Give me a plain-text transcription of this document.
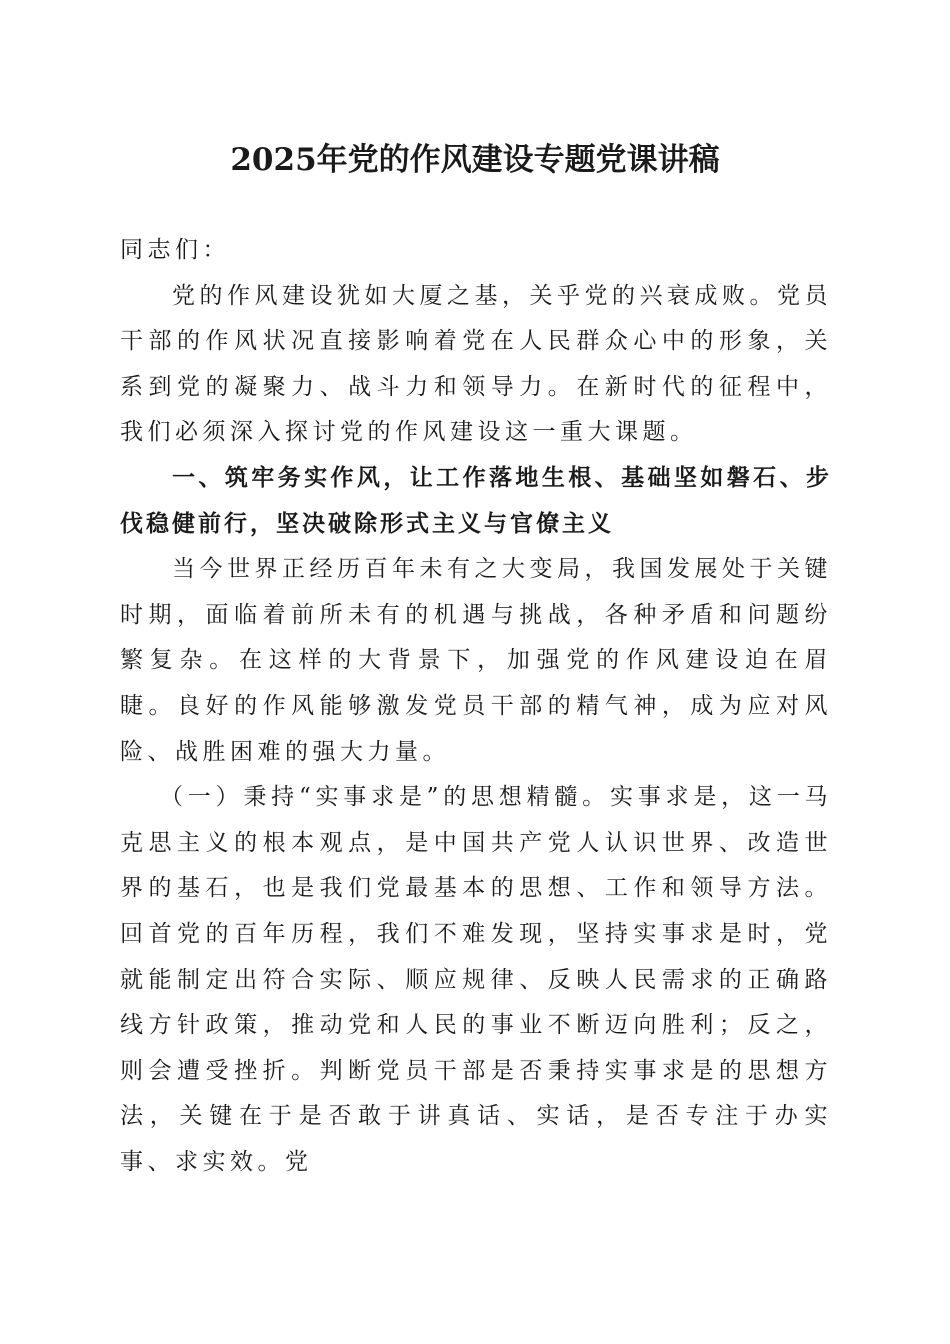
2025年党的作风建设专题党课讲稿

同志们：

党的作风建设犹如大厦之基，关乎党的兴衰成败。党员干部的作风状况直接影响着党在人民群众心中的形象，关系到党的凝聚力、战斗力和领导力。在新时代的征程中，我们必须深入探讨党的作风建设这一重大课题。

一、筑牢务实作风，让工作落地生根、基础坚如磐石、步伐稳健前行，坚决破除形式主义与官僚主义

当今世界正经历百年未有之大变局，我国发展处于关键时期，面临着前所未有的机遇与挑战，各种矛盾和问题纷繁复杂。在这样的大背景下，加强党的作风建设迫在眉睫。良好的作风能够激发党员干部的精气神，成为应对风险、战胜困难的强大力量。

（一）秉持“实事求是”的思想精髓。实事求是，这一马克思主义的根本观点，是中国共产党人认识世界、改造世界的基石，也是我们党最基本的思想、工作和领导方法。回首党的百年历程，我们不难发现，坚持实事求是时，党就能制定出符合实际、顺应规律、反映人民需求的正确路线方针政策，推动党和人民的事业不断迈向胜利；反之，则会遭受挫折。判断党员干部是否秉持实事求是的思想方法，关键在于是否敢于讲真话、实话，是否专注于办实事、求实效。党
